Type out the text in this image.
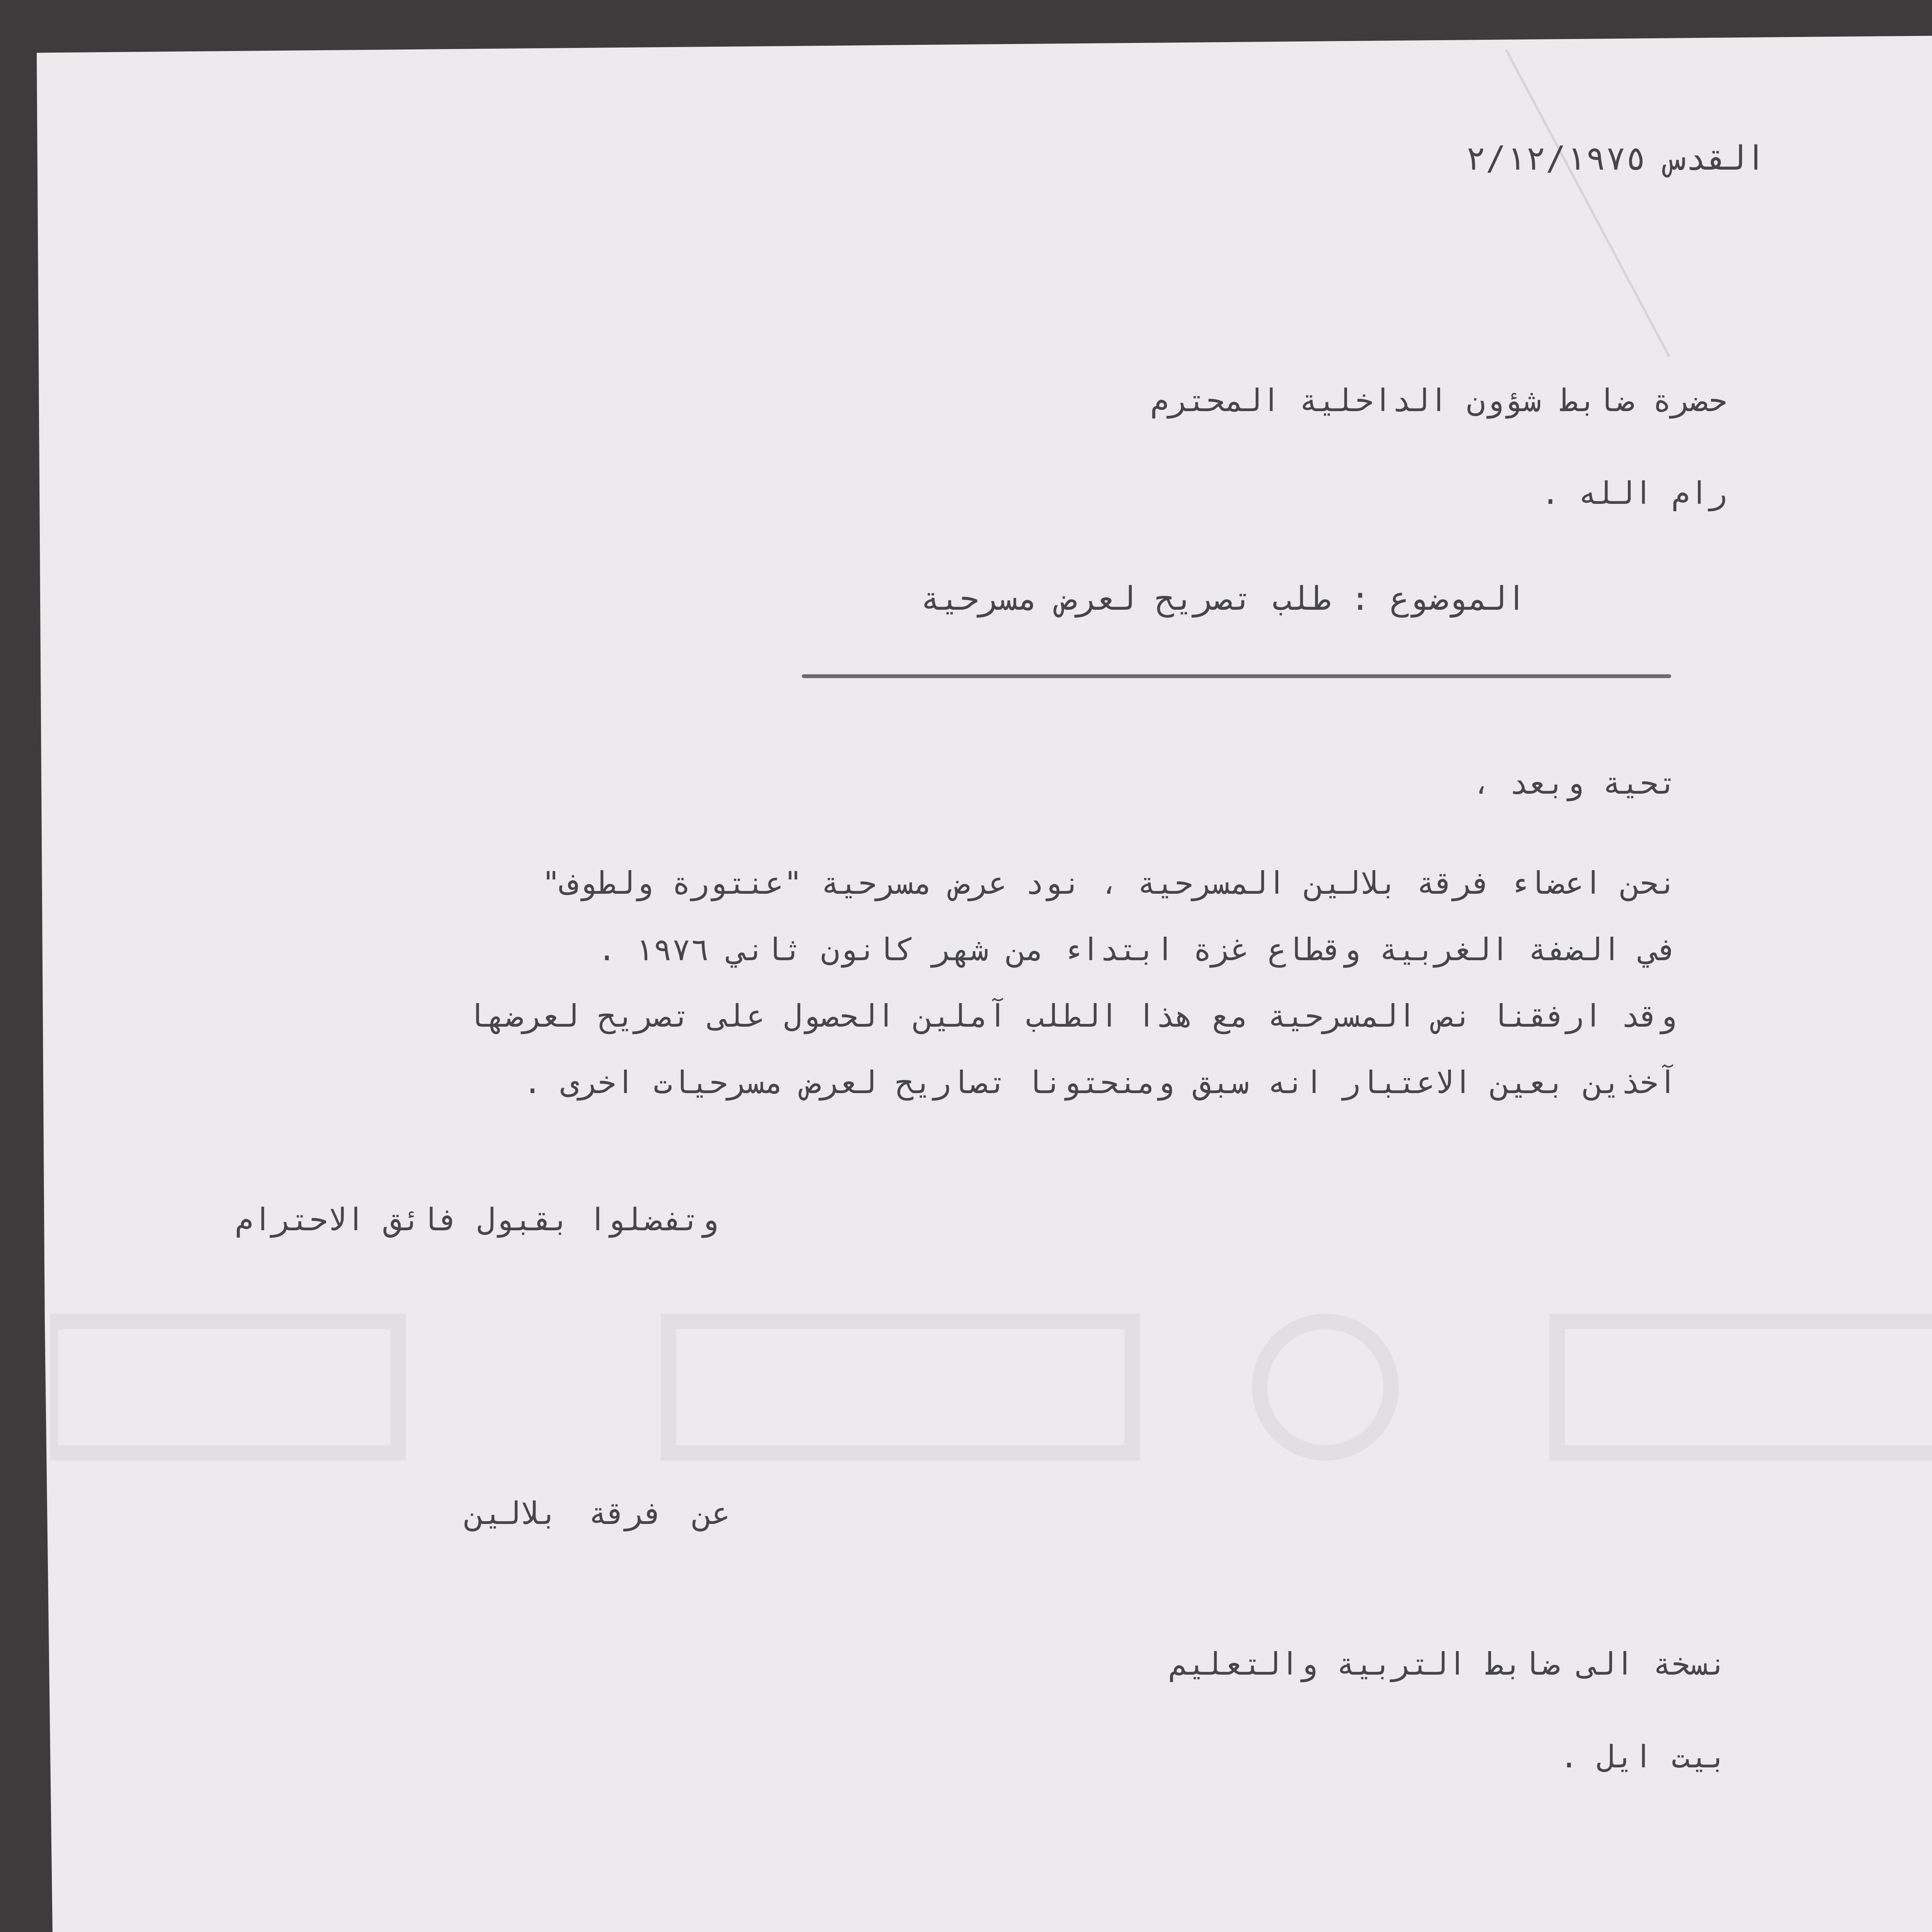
القدس ٢/١٢/١٩٧٥
حضرة ضابط شؤون الداخلية المحترم
رام الله .
الموضوع : طلب تصريح لعرض مسرحية
تحية وبعد ،
نحن اعضاء فرقة بلالين المسرحية ، نود عرض مسرحية "عنتورة ولطوف"
في الضفة الغربية وقطاع غزة ابتداء من شهر كانون ثاني ١٩٧٦ .
وقد ارفقنا نص المسرحية مع هذا الطلب آملين الحصول على تصريح لعرضها
آخذين بعين الاعتبار انه سبق ومنحتونا تصاريح لعرض مسرحيات اخرى .
وتفضلوا بقبول فائق الاحترام
عن فرقة بلالين
نسخة الى ضابط التربية والتعليم
بيت ايل .
